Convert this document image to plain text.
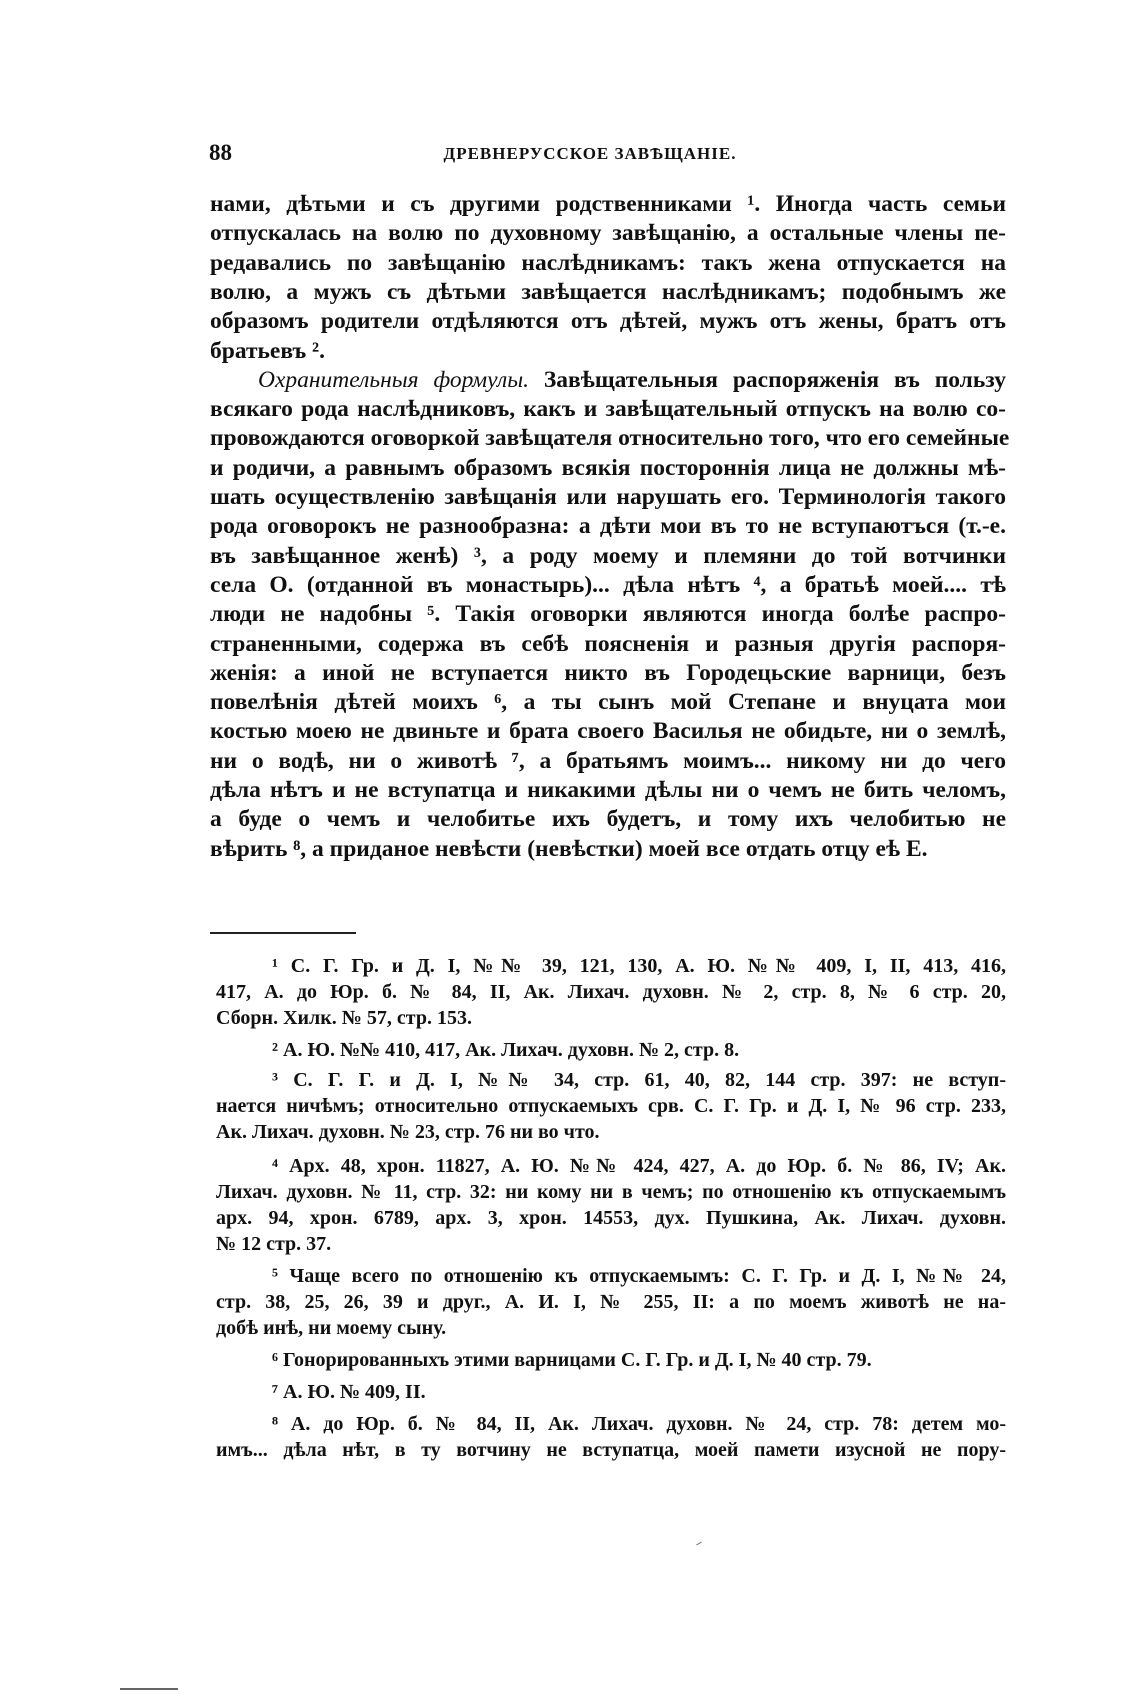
88	ДРЕВНЕРУССКОЕ ЗАВѢЩАНІЕ.
нами, дѣтьми и съ другими родственниками ¹. Иногда часть семьи
отпускалась на волю по духовному завѣщанію, а остальные члены пе-
редавались по завѣщанію наслѣдникамъ: такъ жена отпускается на
волю, а мужъ съ дѣтьми завѣщается наслѣдникамъ; подобнымъ же
образомъ родители отдѣляются отъ дѣтей, мужъ отъ жены, братъ отъ
братьевъ ².
Охранительныя формулы. Завѣщательныя распоряженія въ пользу
всякаго рода наслѣдниковъ, какъ и завѣщательный отпускъ на волю со-
провождаются оговоркой завѣщателя относительно того, что его семейные
и родичи, а равнымъ образомъ всякія постороннія лица не должны мѣ-
шать осуществленію завѣщанія или нарушать его. Терминологія такого
рода оговорокъ не разнообразна: а дѣти мои въ то не вступаютъся (т.-е.
въ завѣщанное женѣ) ³, а роду моему и племяни до той вотчинки
села О. (отданной въ монастырь)... дѣла нѣтъ ⁴, а братьѣ моей.... тѣ
люди не надобны ⁵. Такія оговорки являются иногда болѣе распро-
страненными, содержа въ себѣ поясненія и разныя другія распоря-
женія: а иной не вступается никто въ Городецьские варници, безъ
повелѣнія дѣтей моихъ ⁶, а ты сынъ мой Степане и внуцата мои
костью моею не двиньте и брата своего Василья не обидьте, ни о землѣ,
ни о водѣ, ни о животѣ ⁷, а братьямъ моимъ... никому ни до чего
дѣла нѣтъ и не вступатца и никакими дѣлы ни о чемъ не бить челомъ,
а буде о чемъ и челобитье ихъ будетъ, и тому ихъ челобитью не
вѣрить ⁸, а приданое невѣсти (невѣстки) моей все отдать отцу еѣ Е.
¹ С. Г. Гр. и Д. I, №№ 39, 121, 130, А. Ю. №№ 409, I, II, 413, 416,
417, А. до Юр. б. № 84, II, Ак. Лихач. духовн. № 2, стр. 8, № 6 стр. 20,
Сборн. Хилк. № 57, стр. 153.
² А. Ю. №№ 410, 417, Ак. Лихач. духовн. № 2, стр. 8.
³ С. Г. Г. и Д. I, №№ 34, стр. 61, 40, 82, 144 стр. 397: не вступ-
нается ничѣмъ; относительно отпускаемыхъ срв. С. Г. Гр. и Д. I, № 96 стр. 233,
Ак. Лихач. духовн. № 23, стр. 76 ни во что.
⁴ Арх. 48, хрон. 11827, А. Ю. №№ 424, 427, А. до Юр. б. № 86, IV; Ак.
Лихач. духовн. № 11, стр. 32: ни кому ни в чемъ; по отношенію къ отпускаемымъ
арх. 94, хрон. 6789, арх. 3, хрон. 14553, дух. Пушкина, Ак. Лихач. духовн.
№ 12 стр. 37.
⁵ Чаще всего по отношенію къ отпускаемымъ: С. Г. Гр. и Д. I, №№ 24,
стр. 38, 25, 26, 39 и друг., А. И. I, № 255, II: а по моемъ животѣ не на-
добѣ инѣ, ни моему сыну.
⁶ Гонорированныхъ этими варницами С. Г. Гр. и Д. I, № 40 стр. 79.
⁷ А. Ю. № 409, II.
⁸ А. до Юр. б. № 84, II, Ак. Лихач. духовн. № 24, стр. 78: детем мо-
имъ... дѣла нѣт, в ту вотчину не вступатца, моей памети изусной не пору-
